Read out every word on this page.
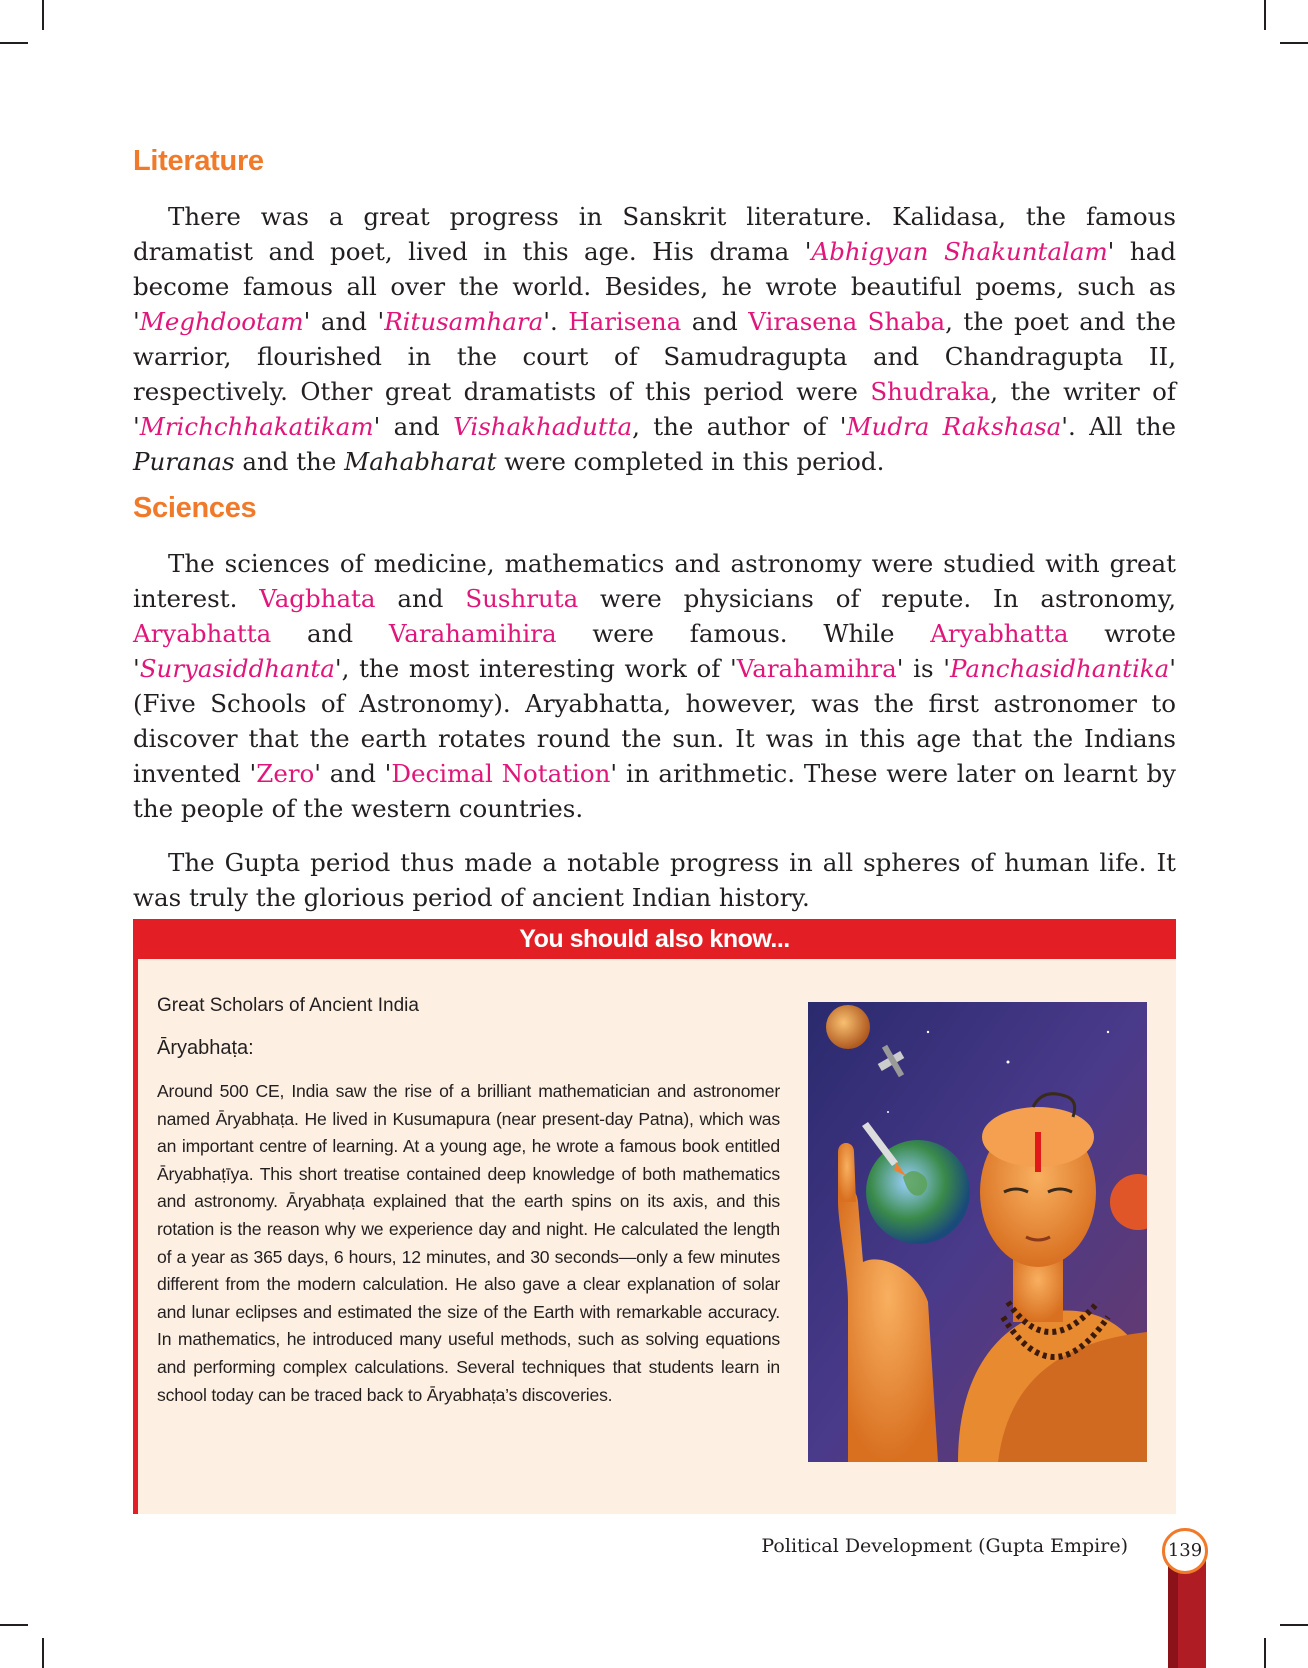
Literature

There was a great progress in Sanskrit literature. Kalidasa, the famous dramatist and poet, lived in this age. His drama 'Abhigyan Shakuntalam' had become famous all over the world. Besides, he wrote beautiful poems, such as 'Meghdootam' and 'Ritusamhara'. Harisena and Virasena Shaba, the poet and the warrior, flourished in the court of Samudragupta and Chandragupta II, respectively. Other great dramatists of this period were Shudraka, the writer of 'Mrichchhakatikam' and Vishakhadutta, the author of 'Mudra Rakshasa'. All the Puranas and the Mahabharat were completed in this period.

Sciences

The sciences of medicine, mathematics and astronomy were studied with great interest. Vagbhata and Sushruta were physicians of repute. In astronomy, Aryabhatta and Varahamihira were famous. While Aryabhatta wrote 'Suryasiddhanta', the most interesting work of 'Varahamihra' is 'Panchasidhantika' (Five Schools of Astronomy). Aryabhatta, however, was the first astronomer to discover that the earth rotates round the sun. It was in this age that the Indians invented 'Zero' and 'Decimal Notation' in arithmetic. These were later on learnt by the people of the western countries.

The Gupta period thus made a notable progress in all spheres of human life. It was truly the glorious period of ancient Indian history.

You should also know...

Great Scholars of Ancient India

Āryabhaṭa:

Around 500 CE, India saw the rise of a brilliant mathematician and astronomer named Āryabhaṭa. He lived in Kusumapura (near present-day Patna), which was an important centre of learning. At a young age, he wrote a famous book entitled Āryabhaṭīya. This short treatise contained deep knowledge of both mathematics and astronomy. Āryabhaṭa explained that the earth spins on its axis, and this rotation is the reason why we experience day and night. He calculated the length of a year as 365 days, 6 hours, 12 minutes, and 30 seconds—only a few minutes different from the modern calculation. He also gave a clear explanation of solar and lunar eclipses and estimated the size of the Earth with remarkable accuracy. In mathematics, he introduced many useful methods, such as solving equations and performing complex calculations. Several techniques that students learn in school today can be traced back to Āryabhaṭa’s discoveries.

Political Development (Gupta Empire)	139
